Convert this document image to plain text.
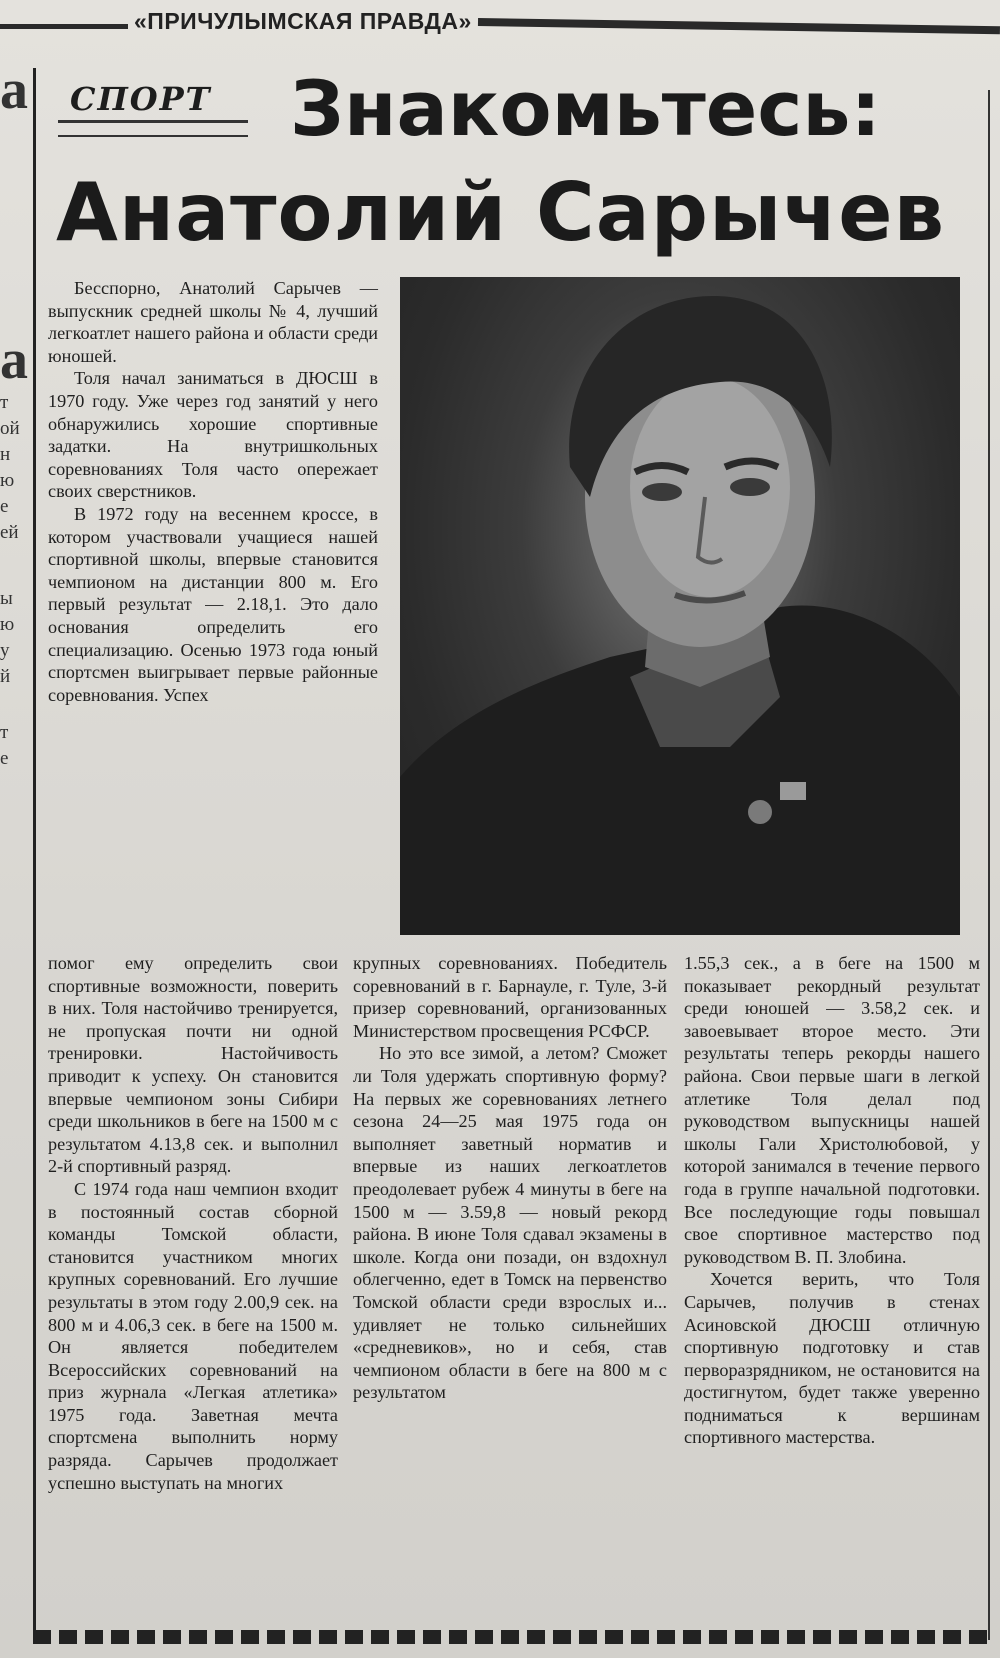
«ПРИЧУЛЫМСКАЯ ПРАВДА»
а
а
т
ой
н
ю
е
ей
ы
ю
у
й
т
е
СПОРТ Знакомьтесь:
Анатолий Сарычев

Бесспорно, Анатолий Сарычев — выпускник средней школы № 4, лучший легкоатлет нашего района и области среди юношей.

Толя начал заниматься в ДЮСШ в 1970 году. Уже через год занятий у него обнаружились хорошие спортивные задатки. На внутришкольных соревнованиях Толя часто опережает своих сверстников.

В 1972 году на весеннем кроссе, в котором участвовали учащиеся нашей спортивной школы, впервые становится чемпионом на дистанции 800 м. Его первый результат — 2.18,1. Это дало основания определить его специализацию. Осенью 1973 года юный спортсмен выигрывает первые районные соревнования. Успех

помог ему определить свои спортивные возможности, поверить в них. Толя настойчиво тренируется, не пропуская почти ни одной тренировки. Настойчивость приводит к успеху. Он становится впервые чемпионом зоны Сибири среди школьников в беге на 1500 м с результатом 4.13,8 сек. и выполнил 2-й спортивный разряд.

С 1974 года наш чемпион входит в постоянный состав сборной команды Томской области, становится участником многих крупных соревнований. Его лучшие результаты в этом году 2.00,9 сек. на 800 м и 4.06,3 сек. в беге на 1500 м. Он является победителем Всероссийских соревнований на приз журнала «Легкая атлетика» 1975 года. Заветная мечта спортсмена выполнить норму разряда. Сарычев продолжает успешно выступать на многих

крупных соревнованиях. Победитель соревнований в г. Барнауле, г. Туле, 3-й призер соревнований, организованных Министерством просвещения РСФСР.

Но это все зимой, а летом? Сможет ли Толя удержать спортивную форму? На первых же соревнованиях летнего сезона 24—25 мая 1975 года он выполняет заветный норматив и впервые из наших легкоатлетов преодолевает рубеж 4 минуты в беге на 1500 м — 3.59,8 — новый рекорд района. В июне Толя сдавал экзамены в школе. Когда они позади, он вздохнул облегченно, едет в Томск на первенство Томской области среди взрослых и... удивляет не только сильнейших «средневиков», но и себя, став чемпионом области в беге на 800 м с результатом

1.55,3 сек., а в беге на 1500 м показывает рекордный результат среди юношей — 3.58,2 сек. и завоевывает второе место. Эти результаты теперь рекорды нашего района. Свои первые шаги в легкой атлетике Толя делал под руководством выпускницы нашей школы Гали Христолюбовой, у которой занимался в течение первого года в группе начальной подготовки. Все последующие годы повышал свое спортивное мастерство под руководством В. П. Злобина.

Хочется верить, что Толя Сарычев, получив в стенах Асиновской ДЮСШ отличную спортивную подготовку и став перворазрядником, не остановится на достигнутом, будет также уверенно подниматься к вершинам спортивного мастерства.
